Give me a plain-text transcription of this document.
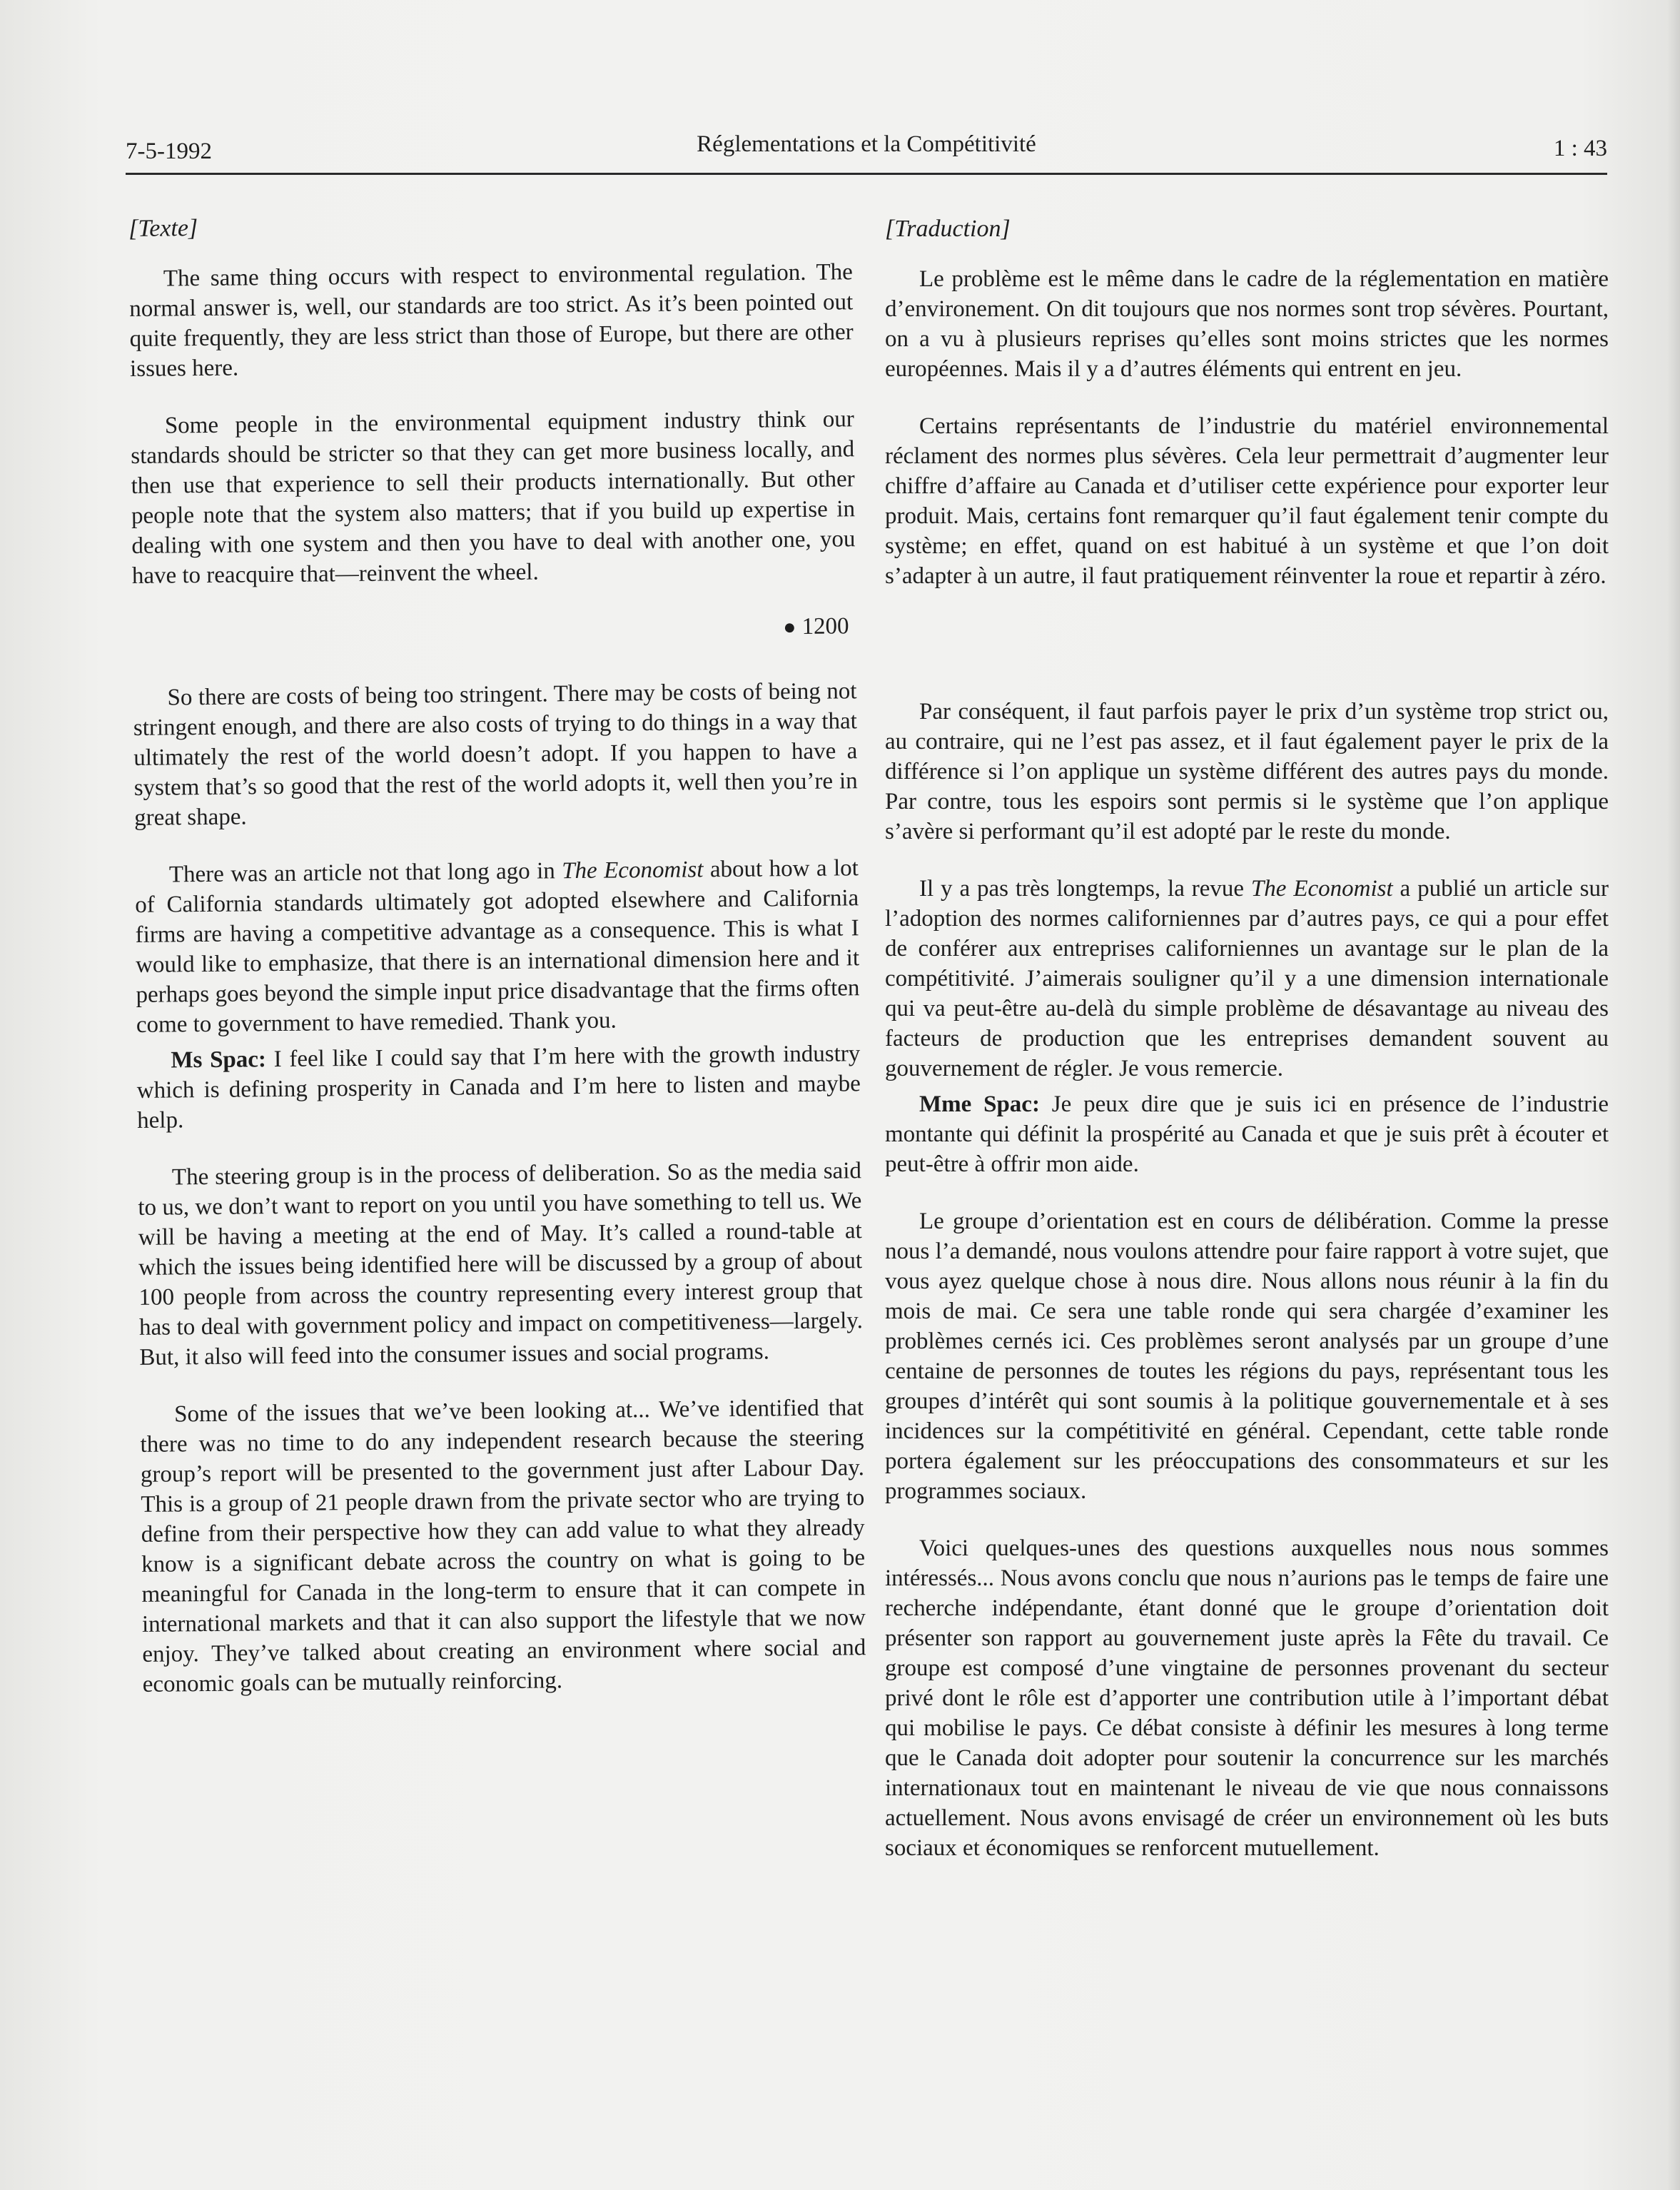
7-5-1992	Réglementations et la Compétitivité	1 : 43
[Texte]

The same thing occurs with respect to environmental regulation. The normal answer is, well, our standards are too strict. As it’s been pointed out quite frequently, they are less strict than those of Europe, but there are other issues here.

Some people in the environmental equipment industry think our standards should be stricter so that they can get more business locally, and then use that experience to sell their products internationally. But other people note that the system also matters; that if you build up expertise in dealing with one system and then you have to deal with another one, you have to reacquire that—reinvent the wheel.

● 1200

So there are costs of being too stringent. There may be costs of being not stringent enough, and there are also costs of trying to do things in a way that ultimately the rest of the world doesn’t adopt. If you happen to have a system that’s so good that the rest of the world adopts it, well then you’re in great shape.

There was an article not that long ago in The Economist about how a lot of California standards ultimately got adopted elsewhere and California firms are having a competitive advantage as a consequence. This is what I would like to emphasize, that there is an international dimension here and it perhaps goes beyond the simple input price disadvantage that the firms often come to government to have remedied. Thank you.

Ms Spac: I feel like I could say that I’m here with the growth industry which is defining prosperity in Canada and I’m here to listen and maybe help.

The steering group is in the process of deliberation. So as the media said to us, we don’t want to report on you until you have something to tell us. We will be having a meeting at the end of May. It’s called a round-table at which the issues being identified here will be discussed by a group of about 100 people from across the country representing every interest group that has to deal with government policy and impact on competitiveness—largely. But, it also will feed into the consumer issues and social programs.

Some of the issues that we’ve been looking at... We’ve identified that there was no time to do any independent research because the steering group’s report will be presented to the government just after Labour Day. This is a group of 21 people drawn from the private sector who are trying to define from their perspective how they can add value to what they already know is a significant debate across the country on what is going to be meaningful for Canada in the long-term to ensure that it can compete in international markets and that it can also support the lifestyle that we now enjoy. They’ve talked about creating an environment where social and economic goals can be mutually reinforcing.

[Traduction]

Le problème est le même dans le cadre de la réglementation en matière d’environement. On dit toujours que nos normes sont trop sévères. Pourtant, on a vu à plusieurs reprises qu’elles sont moins strictes que les normes européennes. Mais il y a d’autres éléments qui entrent en jeu.

Certains représentants de l’industrie du matériel environnemental réclament des normes plus sévères. Cela leur permettrait d’augmenter leur chiffre d’affaire au Canada et d’utiliser cette expérience pour exporter leur produit. Mais, certains font remarquer qu’il faut également tenir compte du système; en effet, quand on est habitué à un système et que l’on doit s’adapter à un autre, il faut pratiquement réinventer la roue et repartir à zéro.

Par conséquent, il faut parfois payer le prix d’un système trop strict ou, au contraire, qui ne l’est pas assez, et il faut également payer le prix de la différence si l’on applique un système différent des autres pays du monde. Par contre, tous les espoirs sont permis si le système que l’on applique s’avère si performant qu’il est adopté par le reste du monde.

Il y a pas très longtemps, la revue The Economist a publié un article sur l’adoption des normes californiennes par d’autres pays, ce qui a pour effet de conférer aux entreprises californiennes un avantage sur le plan de la compétitivité. J’aimerais souligner qu’il y a une dimension internationale qui va peut-être au-delà du simple problème de désavantage au niveau des facteurs de production que les entreprises demandent souvent au gouvernement de régler. Je vous remercie.

Mme Spac: Je peux dire que je suis ici en présence de l’industrie montante qui définit la prospérité au Canada et que je suis prêt à écouter et peut-être à offrir mon aide.

Le groupe d’orientation est en cours de délibération. Comme la presse nous l’a demandé, nous voulons attendre pour faire rapport à votre sujet, que vous ayez quelque chose à nous dire. Nous allons nous réunir à la fin du mois de mai. Ce sera une table ronde qui sera chargée d’examiner les problèmes cernés ici. Ces problèmes seront analysés par un groupe d’une centaine de personnes de toutes les régions du pays, représentant tous les groupes d’intérêt qui sont soumis à la politique gouvernementale et à ses incidences sur la compétitivité en général. Cependant, cette table ronde portera également sur les préoccupations des consommateurs et sur les programmes sociaux.

Voici quelques-unes des questions auxquelles nous nous sommes intéressés... Nous avons conclu que nous n’aurions pas le temps de faire une recherche indépendante, étant donné que le groupe d’orientation doit présenter son rapport au gouvernement juste après la Fête du travail. Ce groupe est composé d’une vingtaine de personnes provenant du secteur privé dont le rôle est d’apporter une contribution utile à l’important débat qui mobilise le pays. Ce débat consiste à définir les mesures à long terme que le Canada doit adopter pour soutenir la concurrence sur les marchés internationaux tout en maintenant le niveau de vie que nous connaissons actuellement. Nous avons envisagé de créer un environnement où les buts sociaux et économiques se renforcent mutuellement.
